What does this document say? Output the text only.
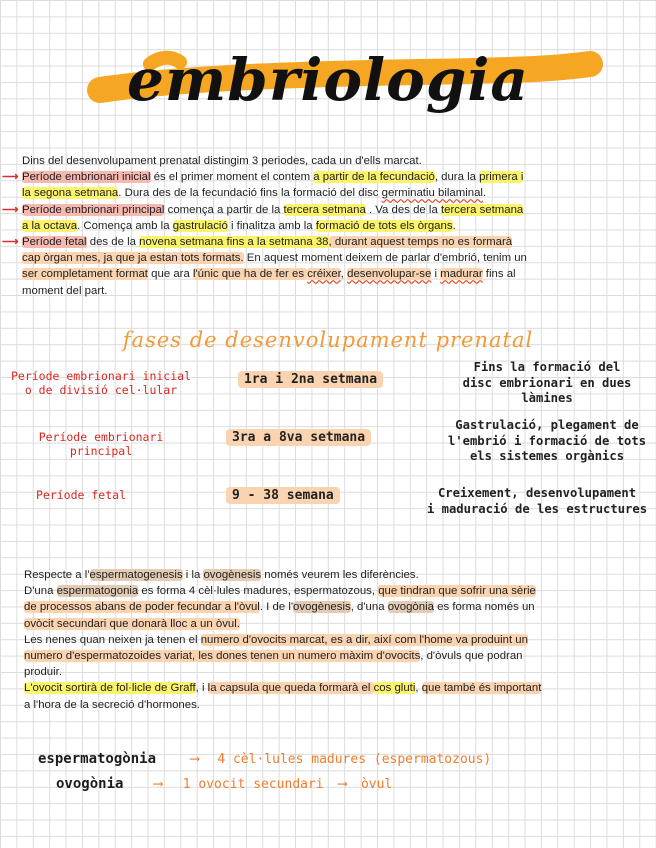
embriologia
Dins del desenvolupament prenatal distingim 3 periodes, cada un d'ells marcat.
⟶ Període embrionari inicial és el primer moment el contem a partir de la fecundació, dura la primera i
la segona setmana. Dura des de la fecundació fins la formació del disc germinatiu bilaminal.
⟶ Període embrionari principal comença a partir de la tercera setmana . Va des de la tercera setmana
a la octava. Comença amb la gastrulació i finalitza amb la formació de tots els òrgans.
⟶ Període fetal des de la novena setmana fins a la setmana 38, durant aquest temps no es formarà
cap òrgan mes, ja que ja estan tots formats. En aquest moment deixem de parlar d'embrió, tenim un
ser completament format que ara l'únic que ha de fer es créixer, desenvolupar-se i madurar fins al
moment del part.
fases de desenvolupament prenatal
Període embrionari inicial
o de divisió cel·lular
1ra i 2na setmana
Fins la formació del
disc embrionari en dues
làmines
Període embrionari
principal
3ra a 8va setmana
Gastrulació, plegament de
l'embrió i formació de tots
els sistemes orgànics
Període fetal	9 - 38 semana	Creixement, desenvolupament
i maduració de les estructures
Respecte a l'espermatogenesis i la ovogènesis només veurem les diferències.
D'una espermatogonia es forma 4 cèl·lules madures, espermatozous, que tindran que sofrir una sèrie
de processos abans de poder fecundar a l'òvul. I de l'ovogènesis, d'una ovogònia es forma només un
ovòcit secundari que donarà lloc a un òvul.
Les nenes quan neixen ja tenen el numero d'ovocits marcat, es a dir, així com l'home va produint un
numero d'espermatozoides variat, les dones tenen un numero màxim d'ovocits, d'òvuls que podran
produir.
L'ovocit sortirà de fol·licle de Graff, i la capsula que queda formarà el cos gluti, que també és important
a l'hora de la secreció d'hormones.
espermatogònia ⟶ 4 cèl·lules madures (espermatozous)
ovogònia ⟶ 1 ovocit secundari ⟶ òvul
